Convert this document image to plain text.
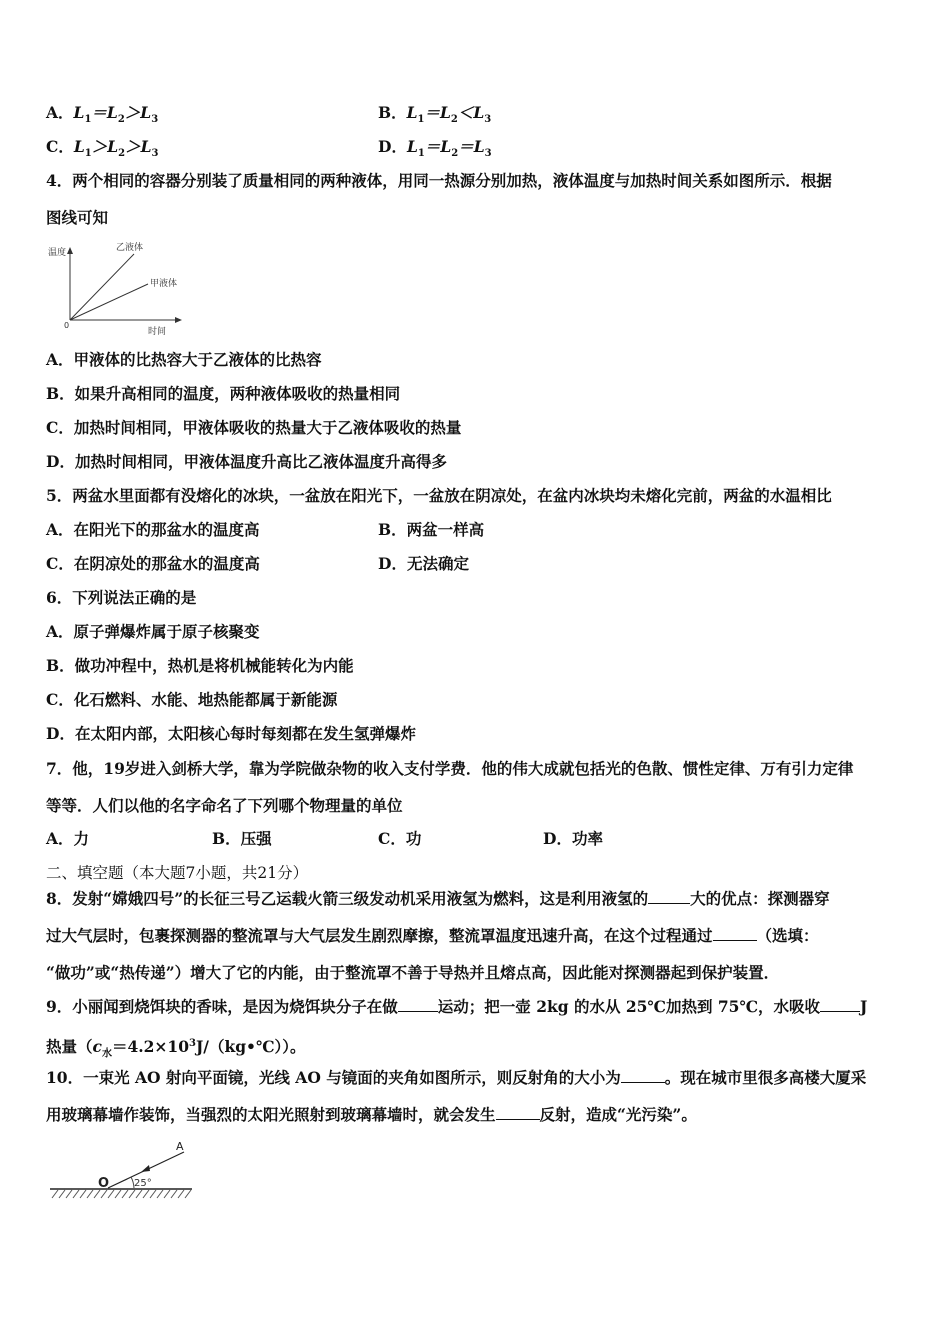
A．$L_1=L_2>L_3$	B．$L_1=L_2<L_3$
C．$L_1>L_2>L_3$	D．$L_1=L_2=L_3$
4．两个相同的容器分别装了质量相同的两种液体，用同一热源分别加热，液体温度与加热时间关系如图所示．根据
图线可知
温度
时间
0
乙液体
甲液体
A．甲液体的比热容大于乙液体的比热容
B．如果升高相同的温度，两种液体吸收的热量相同
C．加热时间相同，甲液体吸收的热量大于乙液体吸收的热量
D．加热时间相同，甲液体温度升高比乙液体温度升高得多
5．两盆水里面都有没熔化的冰块，一盆放在阳光下，一盆放在阴凉处，在盆内冰块均未熔化完前，两盆的水温相比
A．在阳光下的那盆水的温度高	B．两盆一样高
C．在阴凉处的那盆水的温度高	D．无法确定
6．下列说法正确的是
A．原子弹爆炸属于原子核聚变
B．做功冲程中，热机是将机械能转化为内能
C．化石燃料、水能、地热能都属于新能源
D．在太阳内部，太阳核心每时每刻都在发生氢弹爆炸
7．他，19岁进入剑桥大学，靠为学院做杂物的收入支付学费．他的伟大成就包括光的色散、惯性定律、万有引力定律
等等．人们以他的名字命名了下列哪个物理量的单位
A．力	B．压强	C．功	D．功率
二、填空题（本大题7小题，共21分）
8．发射“嫦娥四号”的长征三号乙运载火箭三级发动机采用液氢为燃料，这是利用液氢的	大的优点：探测器穿
过大气层时，包裹探测器的整流罩与大气层发生剧烈摩擦，整流罩温度迅速升高，在这个过程通过	（选填：
“做功”或“热传递”）增大了它的内能，由于整流罩不善于导热并且熔点高，因此能对探测器起到保护装置．
9．小丽闻到烧饵块的香味，是因为烧饵块分子在做	运动；把一壶 2kg 的水从 25℃加热到 75℃，水吸收	J
热量$(c_水=4.2\times 10^3J/(kg•℃))$。
10．一束光 AO 射向平面镜，光线 AO 与镜面的夹角如图所示，则反射角的大小为	。现在城市里很多高楼大厦采
用玻璃幕墙作装饰，当强烈的太阳光照射到玻璃幕墙时，就会发生	反射，造成“光污染”。
A
O 25°
